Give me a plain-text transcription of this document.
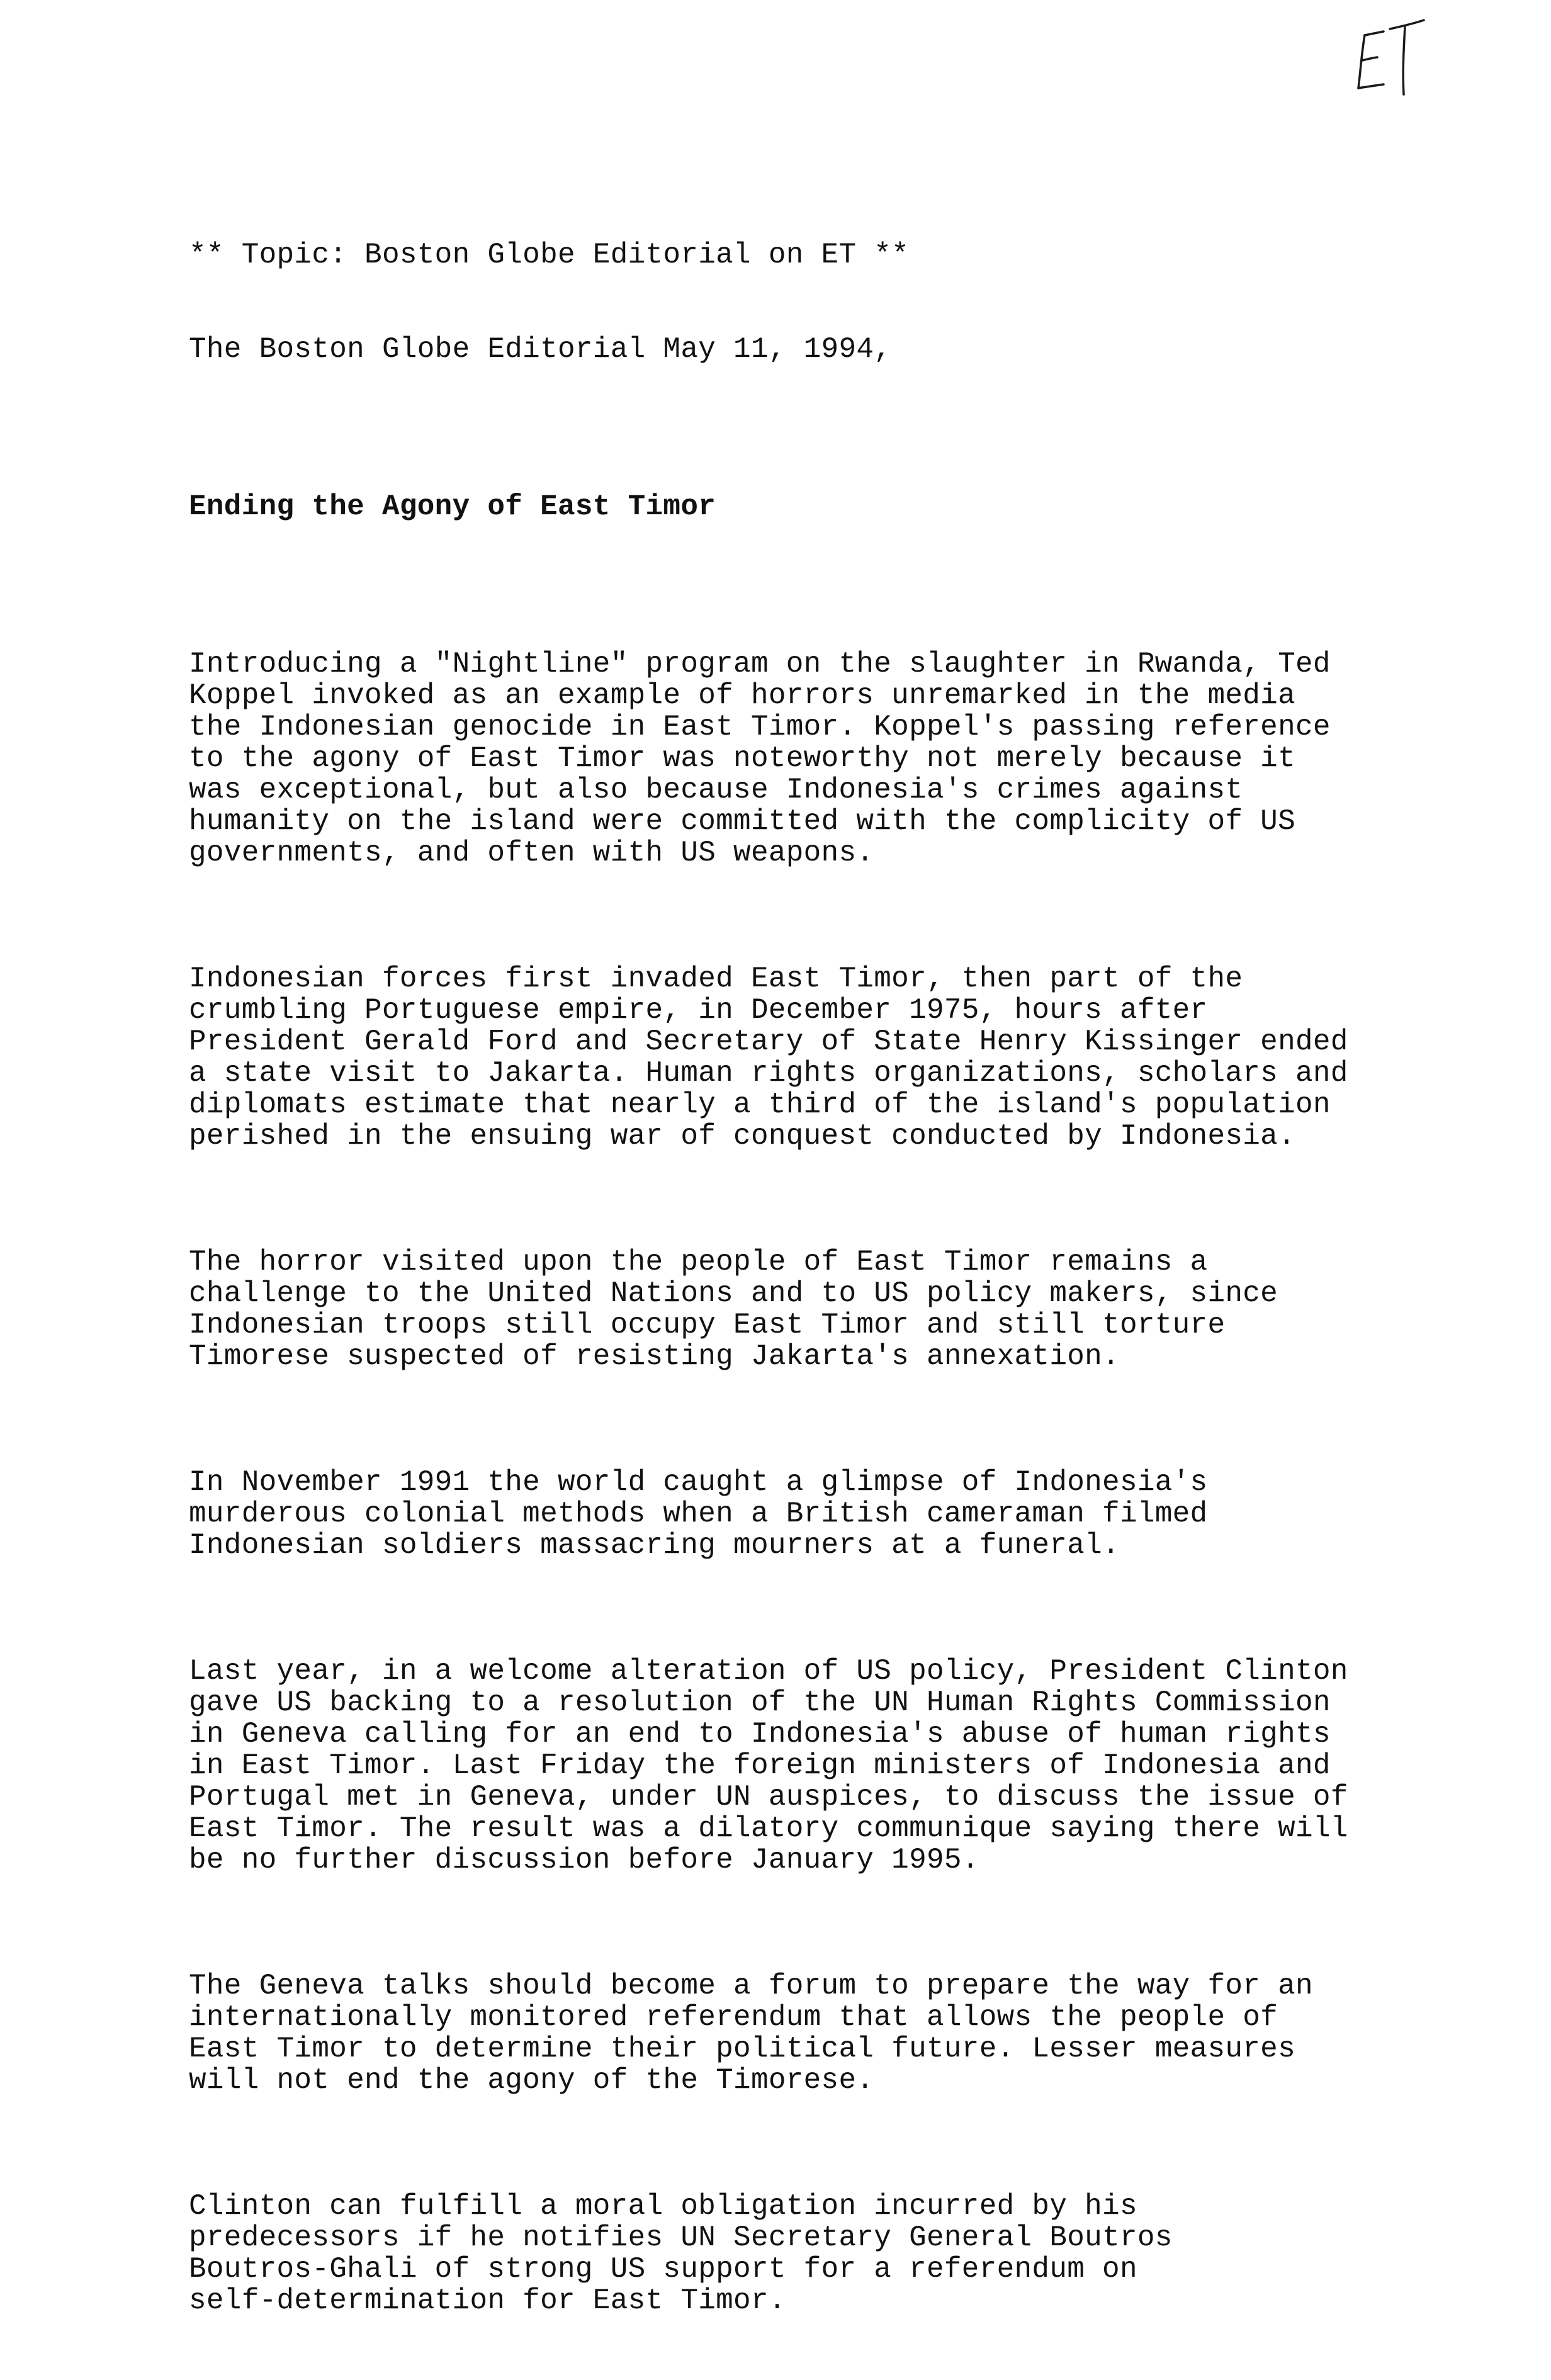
** Topic: Boston Globe Editorial on ET **

The Boston Globe Editorial May 11, 1994,

Ending the Agony of East Timor

Introducing a "Nightline" program on the slaughter in Rwanda, Ted
Koppel invoked as an example of horrors unremarked in the media
the Indonesian genocide in East Timor. Koppel's passing reference
to the agony of East Timor was noteworthy not merely because it
was exceptional, but also because Indonesia's crimes against
humanity on the island were committed with the complicity of US
governments, and often with US weapons.

Indonesian forces first invaded East Timor, then part of the
crumbling Portuguese empire, in December 1975, hours after
President Gerald Ford and Secretary of State Henry Kissinger ended
a state visit to Jakarta. Human rights organizations, scholars and
diplomats estimate that nearly a third of the island's population
perished in the ensuing war of conquest conducted by Indonesia.

The horror visited upon the people of East Timor remains a
challenge to the United Nations and to US policy makers, since
Indonesian troops still occupy East Timor and still torture
Timorese suspected of resisting Jakarta's annexation.

In November 1991 the world caught a glimpse of Indonesia's
murderous colonial methods when a British cameraman filmed
Indonesian soldiers massacring mourners at a funeral.

Last year, in a welcome alteration of US policy, President Clinton
gave US backing to a resolution of the UN Human Rights Commission
in Geneva calling for an end to Indonesia's abuse of human rights
in East Timor. Last Friday the foreign ministers of Indonesia and
Portugal met in Geneva, under UN auspices, to discuss the issue of
East Timor. The result was a dilatory communique saying there will
be no further discussion before January 1995.

The Geneva talks should become a forum to prepare the way for an
internationally monitored referendum that allows the people of
East Timor to determine their political future. Lesser measures
will not end the agony of the Timorese.

Clinton can fulfill a moral obligation incurred by his
predecessors if he notifies UN Secretary General Boutros
Boutros-Ghali of strong US support for a referendum on
self-determination for East Timor.
